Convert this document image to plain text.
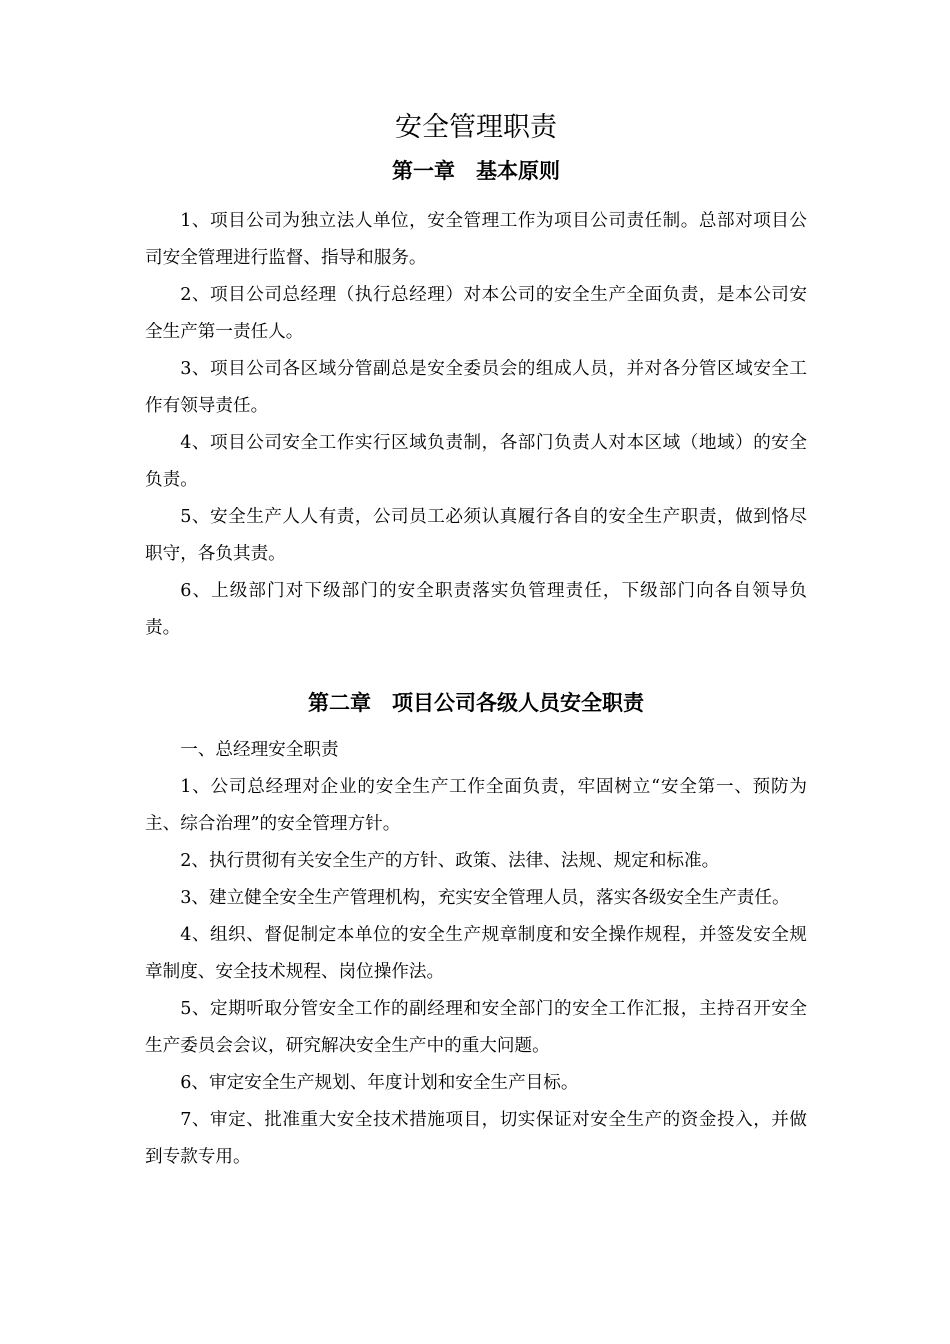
安全管理职责
第一章　基本原则

1、项目公司为独立法人单位，安全管理工作为项目公司责任制。总部对项目公司安全管理进行监督、指导和服务。

2、项目公司总经理（执行总经理）对本公司的安全生产全面负责，是本公司安全生产第一责任人。

3、项目公司各区域分管副总是安全委员会的组成人员，并对各分管区域安全工作有领导责任。

4、项目公司安全工作实行区域负责制，各部门负责人对本区域（地域）的安全负责。

5、安全生产人人有责，公司员工必须认真履行各自的安全生产职责，做到恪尽职守，各负其责。

6、上级部门对下级部门的安全职责落实负管理责任，下级部门向各自领导负责。

第二章　项目公司各级人员安全职责

一、总经理安全职责

1、公司总经理对企业的安全生产工作全面负责，牢固树立“安全第一、预防为主、综合治理”的安全管理方针。

2、执行贯彻有关安全生产的方针、政策、法律、法规、规定和标准。

3、建立健全安全生产管理机构，充实安全管理人员，落实各级安全生产责任。

4、组织、督促制定本单位的安全生产规章制度和安全操作规程，并签发安全规章制度、安全技术规程、岗位操作法。

5、定期听取分管安全工作的副经理和安全部门的安全工作汇报，主持召开安全生产委员会会议，研究解决安全生产中的重大问题。

6、审定安全生产规划、年度计划和安全生产目标。

7、审定、批准重大安全技术措施项目，切实保证对安全生产的资金投入，并做到专款专用。
